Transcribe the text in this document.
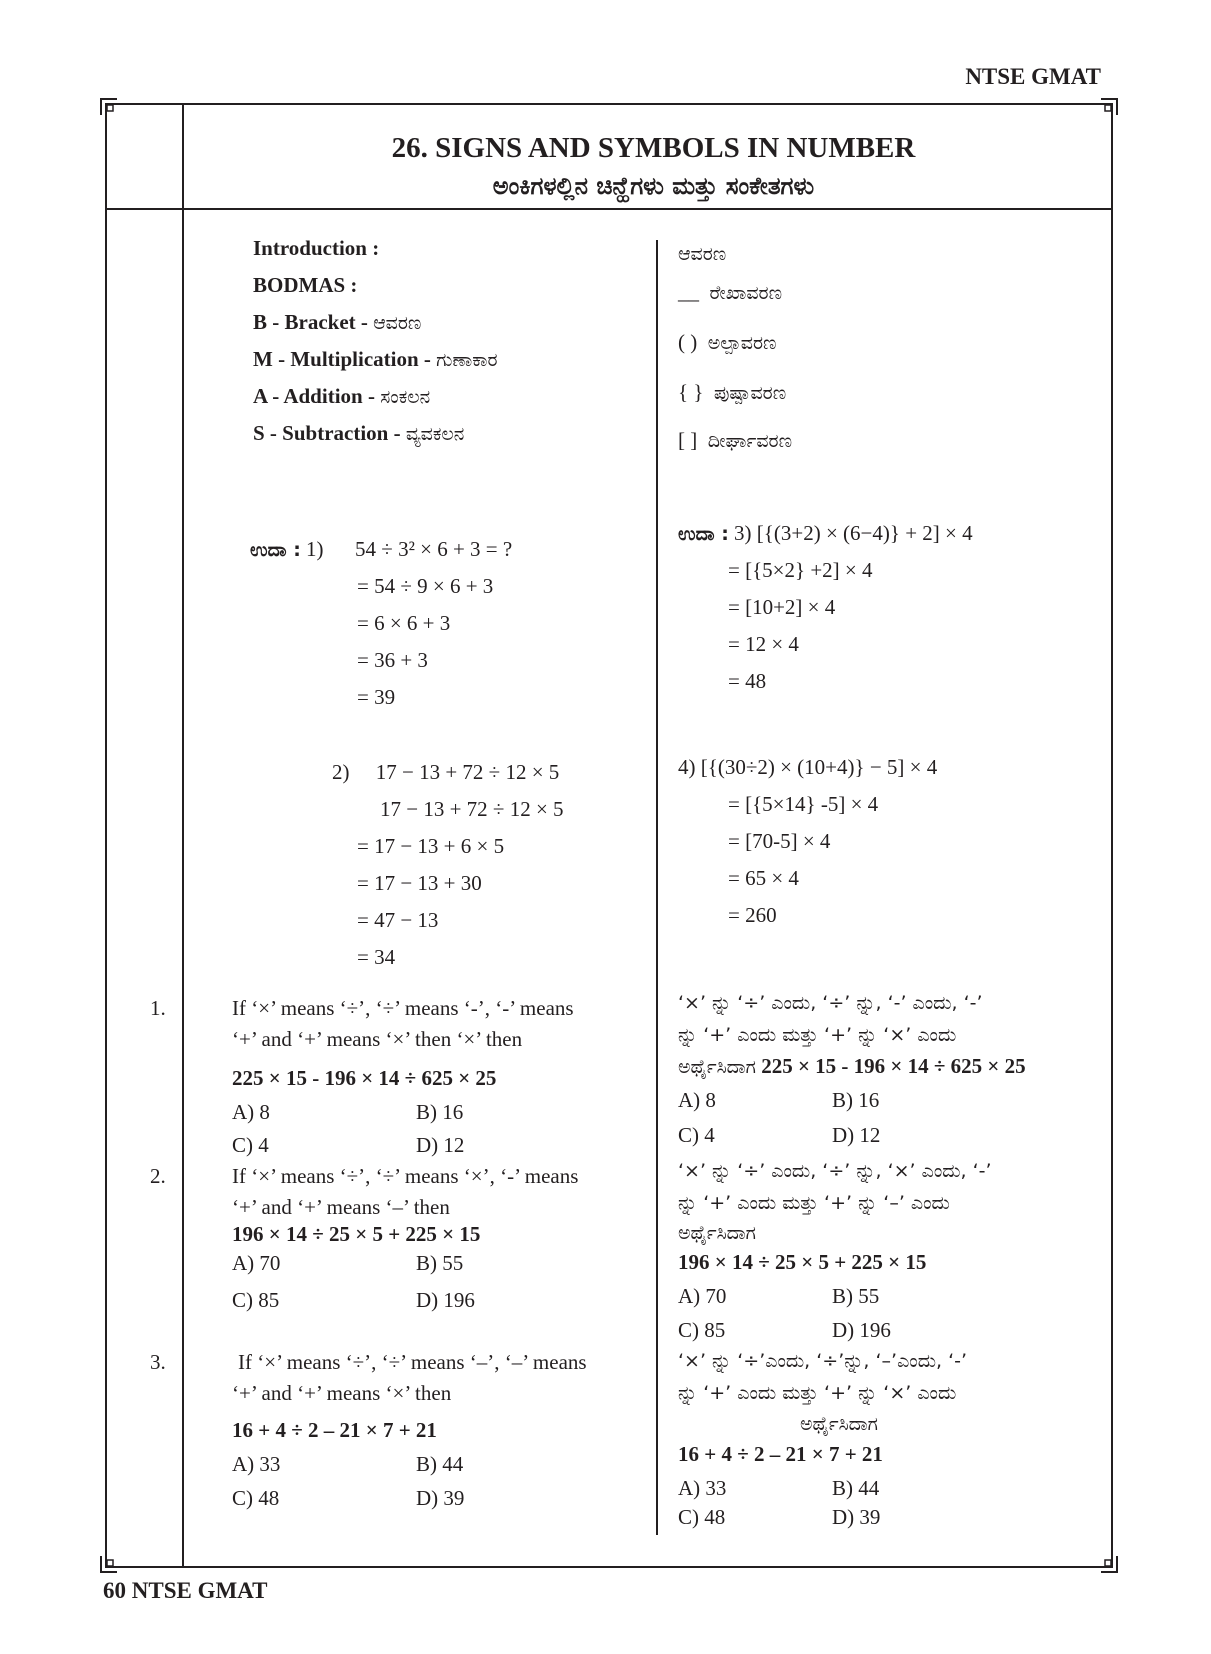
NTSE GMAT
60 NTSE GMAT
26. SIGNS AND SYMBOLS IN NUMBER
ಅಂಕಿಗಳಲ್ಲಿನ ಚಿನ್ಹೆಗಳು ಮತ್ತು ಸಂಕೇತಗಳು
Introduction :
BODMAS :
B - Bracket - ಆವರಣ
M - Multiplication - ಗುಣಾಕಾರ
A - Addition - ಸಂಕಲನ
S - Subtraction - ವ್ಯವಕಲನ
ಆವರಣ
__ ರೇಖಾವರಣ
( ) ಅಲ್ಪಾವರಣ
{ } ಪುಷ್ಪಾವರಣ
[ ] ದೀರ್ಘಾವರಣ
ಉದಾ : 1) 54 ÷ 3² × 6 + 3 = ?
= 54 ÷ 9 × 6 + 3
= 6 × 6 + 3
= 36 + 3
= 39
2) 17 − 13 + 72 ÷ 12 × 5
17 − 13 + 72 ÷ 12 × 5
= 17 − 13 + 6 × 5
= 17 − 13 + 30
= 47 − 13
= 34
ಉದಾ : 3) [{(3+2) × (6−4)} + 2] × 4
= [{5×2} +2] × 4
= [10+2] × 4
= 12 × 4
= 48
4) [{(30÷2) × (10+4)} − 5] × 4
= [{5×14} -5] × 4
= [70-5] × 4
= 65 × 4
= 260
1.	If ‘×’ means ‘÷’, ‘÷’ means ‘-’, ‘-’ means
‘+’ and ‘+’ means ‘×’ then ‘×’ then
225 × 15 - 196 × 14 ÷ 625 × 25
A) 8	B) 16
C) 4	D) 12
‘×’ ನ್ನು ‘÷’ ಎಂದು, ‘÷’ ನ್ನು, ‘-’ ಎಂದು, ‘-’
ನ್ನು ‘+’ ಎಂದು ಮತ್ತು ‘+’ ನ್ನು ‘×’ ಎಂದು
ಅರ್ಥೈಸಿದಾಗ 225 × 15 - 196 × 14 ÷ 625 × 25
A) 8	B) 16
C) 4	D) 12
2.	If ‘×’ means ‘÷’, ‘÷’ means ‘×’, ‘-’ means
‘+’ and ‘+’ means ‘–’ then
196 × 14 ÷ 25 × 5 + 225 × 15
A) 70	B) 55
C) 85	D) 196
‘×’ ನ್ನು ‘÷’ ಎಂದು, ‘÷’ ನ್ನು, ‘×’ ಎಂದು, ‘-’
ನ್ನು ‘+’ ಎಂದು ಮತ್ತು ‘+’ ನ್ನು ‘–’ ಎಂದು
ಅರ್ಥೈಸಿದಾಗ
196 × 14 ÷ 25 × 5 + 225 × 15
A) 70	B) 55
C) 85	D) 196
3.	If ‘×’ means ‘÷’, ‘÷’ means ‘–’, ‘–’ means
‘+’ and ‘+’ means ‘×’ then
16 + 4 ÷ 2 – 21 × 7 + 21
A) 33	B) 44
C) 48	D) 39
‘×’ ನ್ನು ‘÷’ಎಂದು, ‘÷’ನ್ನು, ‘–’ಎಂದು, ‘-’
ನ್ನು ‘+’ ಎಂದು ಮತ್ತು ‘+’ ನ್ನು ‘×’ ಎಂದು
ಅರ್ಥೈಸಿದಾಗ
16 + 4 ÷ 2 – 21 × 7 + 21
A) 33	B) 44
C) 48	D) 39
